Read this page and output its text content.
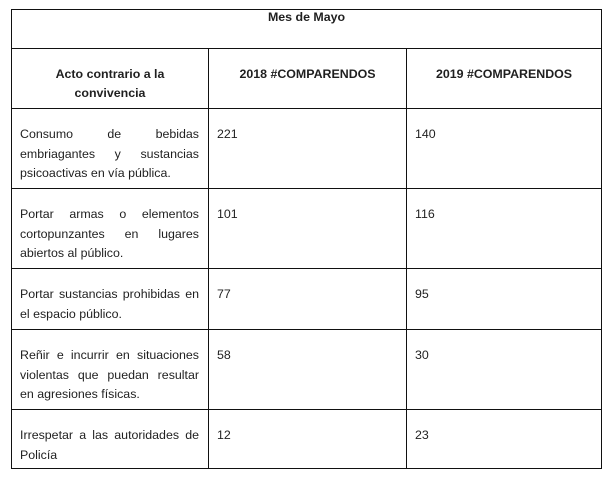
Mes de Mayo		

Acto contrario a la convivencia	2018 #COMPARENDOS	2019 #COMPARENDOS

Consumo de bebidas embriagantes y sustancias psicoactivas en vía pública.	221	140

Portar armas o elementos cortopunzantes en lugares abiertos al público.	101	116

Portar sustancias prohibidas en el espacio público.	77	95

Reñir e incurrir en situaciones violentas que puedan resultar en agresiones físicas.	58	30

Irrespetar a las autoridades de Policía	12	23
